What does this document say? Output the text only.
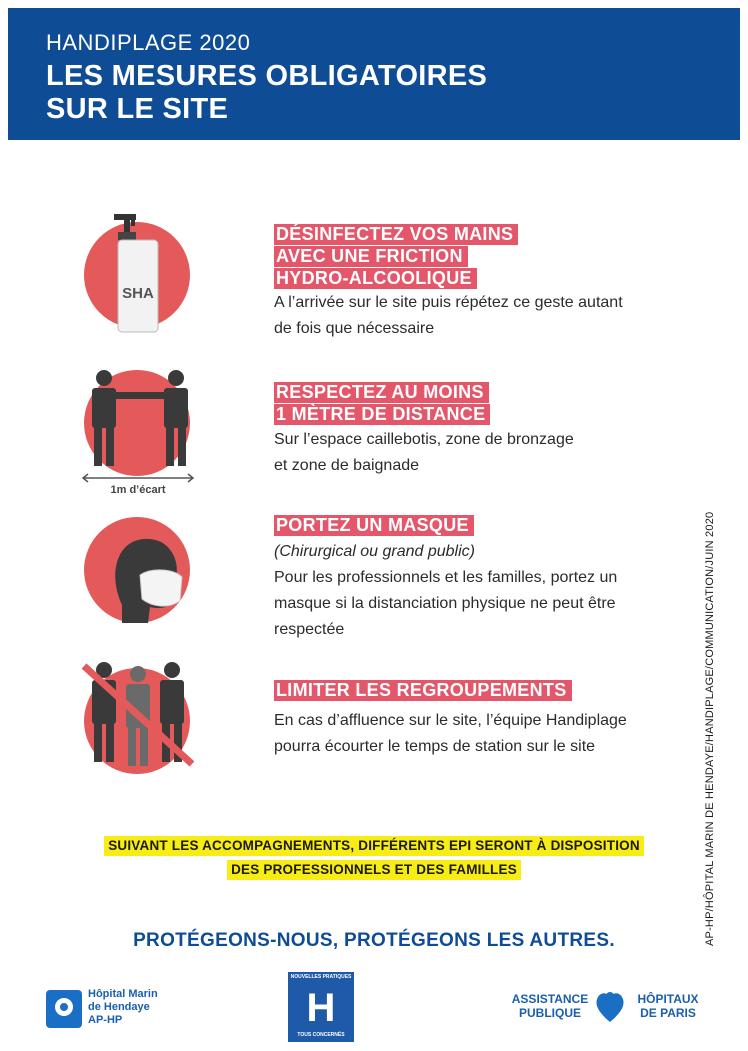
HANDIPLAGE 2020
LES MESURES OBLIGATOIRES
SUR LE SITE
SHA
DÉSINFECTEZ VOS MAINS
AVEC UNE FRICTION
HYDRO-ALCOOLIQUE
A l’arrivée sur le site puis répétez ce geste autant
de fois que nécessaire
1m d’écart
RESPECTEZ AU MOINS
1 MÈTRE DE DISTANCE
Sur l’espace caillebotis, zone de bronzage
et zone de baignade
PORTEZ UN MASQUE
(Chirurgical ou grand public)
Pour les professionnels et les familles, portez un
masque si la distanciation physique ne peut être
respectée
LIMITER LES REGROUPEMENTS
En cas d’affluence sur le site, l’équipe Handiplage
pourra écourter le temps de station sur le site
SUIVANT LES ACCOMPAGNEMENTS, DIFFÉRENTS EPI SERONT À DISPOSITION
DES PROFESSIONNELS ET DES FAMILLES
PROTÉGEONS-NOUS, PROTÉGEONS LES AUTRES.	AP-HP/HÔPITAL MARIN DE HENDAYE/HANDIPLAGE/COMMUNICATION/JUIN 2020
Hôpital Marin
de Hendaye
AP-HP
NOUVELLES PRATIQUES
H
TOUS CONCERNÉS
ASSISTANCE
PUBLIQUE
HÔPITAUX
DE PARIS
